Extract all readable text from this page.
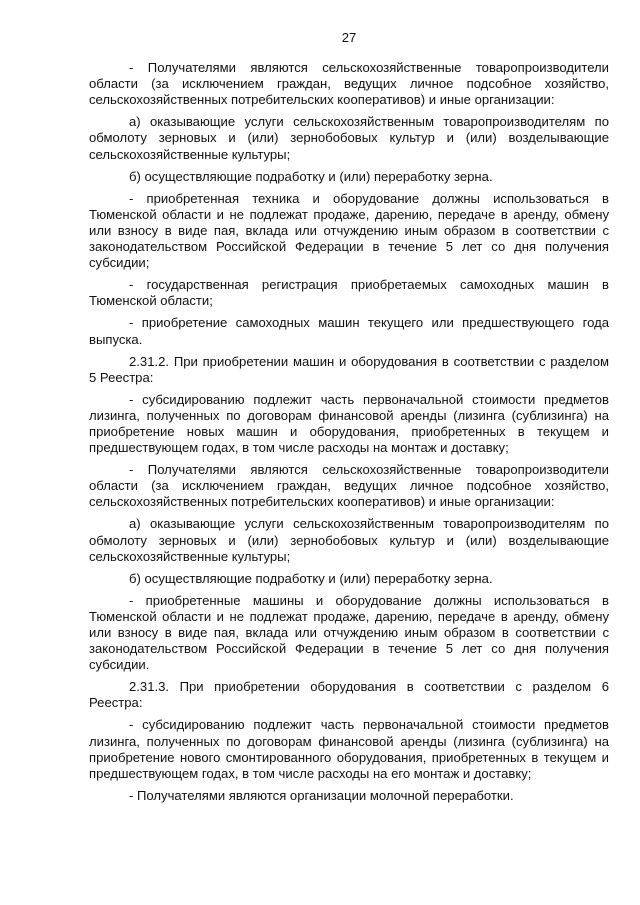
27

- Получателями являются сельскохозяйственные товаропроизводители области (за исключением граждан, ведущих личное подсобное хозяйство, сельскохозяйственных потребительских кооперативов) и иные организации:

а) оказывающие услуги сельскохозяйственным товаропроизводителям по обмолоту зерновых и (или) зернобобовых культур и (или) возделывающие сельскохозяйственные культуры;

б) осуществляющие подработку и (или) переработку зерна.

- приобретенная техника и оборудование должны использоваться в Тюменской области и не подлежат продаже, дарению, передаче в аренду, обмену или взносу в виде пая, вклада или отчуждению иным образом в соответствии с законодательством Российской Федерации в течение 5 лет со дня получения субсидии;

- государственная регистрация приобретаемых самоходных машин в Тюменской области;

- приобретение самоходных машин текущего или предшествующего года выпуска.

2.31.2. При приобретении машин и оборудования в соответствии с разделом 5 Реестра:

- субсидированию подлежит часть первоначальной стоимости предметов лизинга, полученных по договорам финансовой аренды (лизинга (сублизинга) на приобретение новых машин и оборудования, приобретенных в текущем и предшествующем годах, в том числе расходы на монтаж и доставку;

- Получателями являются сельскохозяйственные товаропроизводители области (за исключением граждан, ведущих личное подсобное хозяйство, сельскохозяйственных потребительских кооперативов) и иные организации:

а) оказывающие услуги сельскохозяйственным товаропроизводителям по обмолоту зерновых и (или) зернобобовых культур и (или) возделывающие сельскохозяйственные культуры;

б) осуществляющие подработку и (или) переработку зерна.

- приобретенные машины и оборудование должны использоваться в Тюменской области и не подлежат продаже, дарению, передаче в аренду, обмену или взносу в виде пая, вклада или отчуждению иным образом в соответствии с законодательством Российской Федерации в течение 5 лет со дня получения субсидии.

2.31.3. При приобретении оборудования в соответствии с разделом 6 Реестра:

- субсидированию подлежит часть первоначальной стоимости предметов лизинга, полученных по договорам финансовой аренды (лизинга (сублизинга) на приобретение нового смонтированного оборудования, приобретенных в текущем и предшествующем годах, в том числе расходы на его монтаж и доставку;

- Получателями являются организации молочной переработки.
